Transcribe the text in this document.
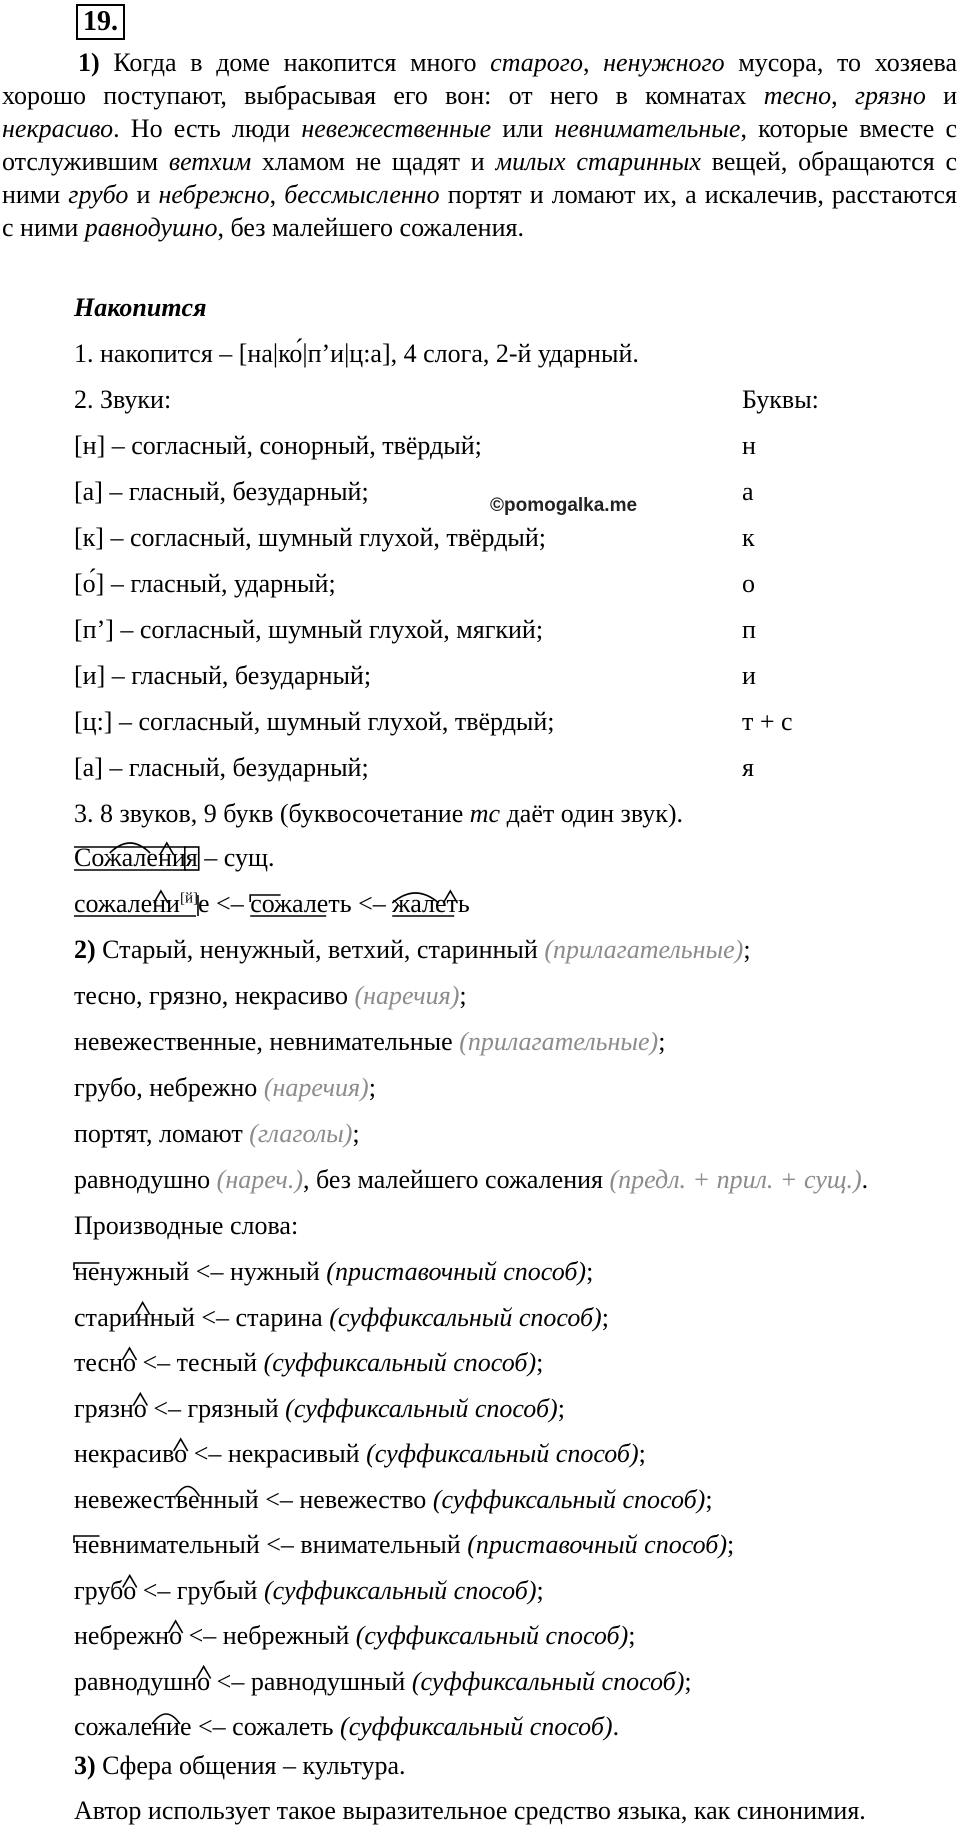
19.
1) Когда в доме накопится много старого, ненужного мусора, то хозяева хорошо поступают, выбрасывая его вон: от него в комнатах тесно, грязно и некрасиво. Но есть люди невежественные или невнимательные, которые вместе с отслужившим ветхим хламом не щадят и милых старинных вещей, обращаются с ними грубо и небрежно, бессмысленно портят и ломают их, а искалечив, расстаются с ними равнодушно, без малейшего сожаления.
Накопится
1. накопится – [на|ко́|п’и|ц:а], 4 слога, 2-й ударный.
2. Звуки:	Буквы:
[н] – согласный, сонорный, твёрдый;	н
[а] – гласный, безударный;	а
[к] – согласный, шумный глухой, твёрдый;	к
[о́] – гласный, ударный;	о
[п’] – согласный, шумный глухой, мягкий;	п
[и] – гласный, безударный;	и
[ц:] – согласный, шумный глухой, твёрдый;	т + с
[а] – гласный, безударный;	я
©pomogalka.me
3. 8 звуков, 9 букв (буквосочетание тс даёт один звук).
Сожаления – сущ.
сожалени[й]е <– сожалеть <– жалеть
2) Старый, ненужный, ветхий, старинный (прилагательные);
тесно, грязно, некрасиво (наречия);
невежественные, невнимательные (прилагательные);
грубо, небрежно (наречия);
портят, ломают (глаголы);
равнодушно (нареч.), без малейшего сожаления (предл. + прил. + сущ.).
Производные слова:
ненужный <– нужный (приставочный способ);
старинный <– старина (суффиксальный способ);
тесно <– тесный (суффиксальный способ);
грязно <– грязный (суффиксальный способ);
некрасиво <– некрасивый (суффиксальный способ);
невежественный <– невежество (суффиксальный способ);
невнимательный <– внимательный (приставочный способ);
грубо <– грубый (суффиксальный способ);
небрежно <– небрежный (суффиксальный способ);
равнодушно <– равнодушный (суффиксальный способ);
сожаление <– сожалеть (суффиксальный способ).
3) Сфера общения – культура.
Автор использует такое выразительное средство языка, как синонимия.
